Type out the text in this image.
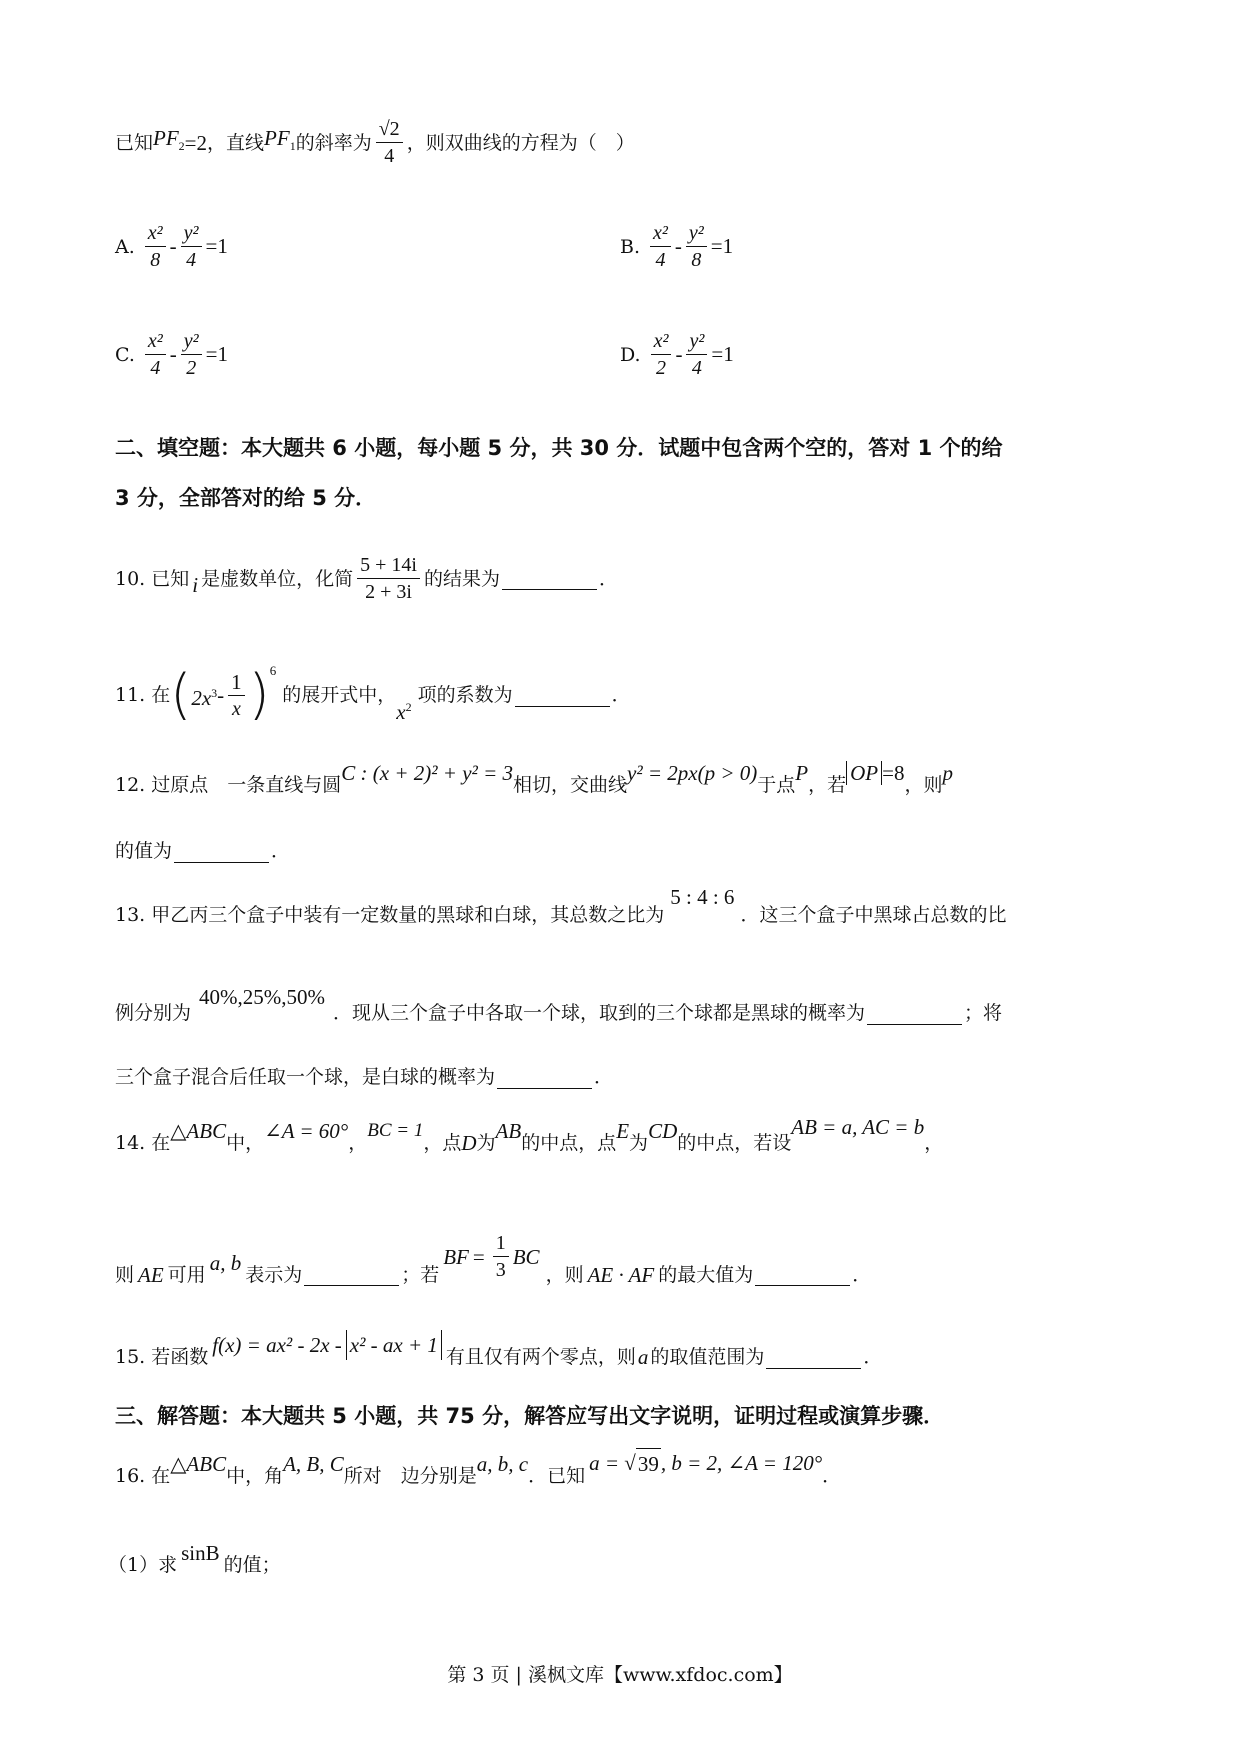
已知 $PF_2 =2$ ，直线 $PF_1$ 的斜率为 $\frac{√2}{4}$ ，则双曲线的方程为（　）
A. $\frac{\text{x²}}{8} - \frac{\text{y²}}{4} =1$	B. $\frac{\text{x²}}{4} - \frac{\text{y²}}{8} =1$
C. $\frac{\text{x²}}{4} - \frac{\text{y²}}{2} =1$	D. $\frac{\text{x²}}{2} - \frac{\text{y²}}{4} =1$
二、填空题：本大题共 6 小题，每小题 5 分，共 30 分．试题中包含两个空的，答对 1 个的给
3 分，全部答对的给 5 分．
10. 已知 i 是虚数单位，化简 $\frac{5 + 14i}{2 + 3i}$ 的结果为	．
11. 在 ( $2x^3 - \frac{1}{x}$ ) 6
的展开式中，
$x^2$
项的系数为	．
12. 过原点　一条直线与圆 C : (x + 2)² + y² = 3 相切，交曲线 y² = 2px(p > 0) 于点 P ，若 OP =8 ，则 p
的值为	．
13. 甲乙丙三个盒子中装有一定数量的黑球和白球，其总数之比为
5 : 4 : 6
．这三个盒子中黑球占总数的比
例分别为
40%,25%,50%
．现从三个盒子中各取一个球，取到的三个球都是黑球的概率为	；将
三个盒子混合后任取一个球，是白球的概率为	．
14. 在 △ABC 中， ∠A = 60° ，
BC = 1
，点 D 为 AB 的中点，点 E 为 CD 的中点，若设
AB = a, AC = b
，
则 AE 可用 a, b 表示为	；若
BF = $\frac{1}{3}$ BC
，则 AE · AF 的最大值为	．
15. 若函数 f(x) = ax² - 2x - x² - ax + 1 有且仅有两个零点，则 a 的取值范围为	．
三、解答题：本大题共 5 小题，共 75 分，解答应写出文字说明，证明过程或演算步骤．
16. 在 △ABC 中，角 A, B, C 所对　边分别是 a, b, c ．已知
a = √ 39 , b = 2, ∠A = 120°
．
（1）求 sinB 的值；
第 3 页 | 溪枫文库【www.xfdoc.com】
